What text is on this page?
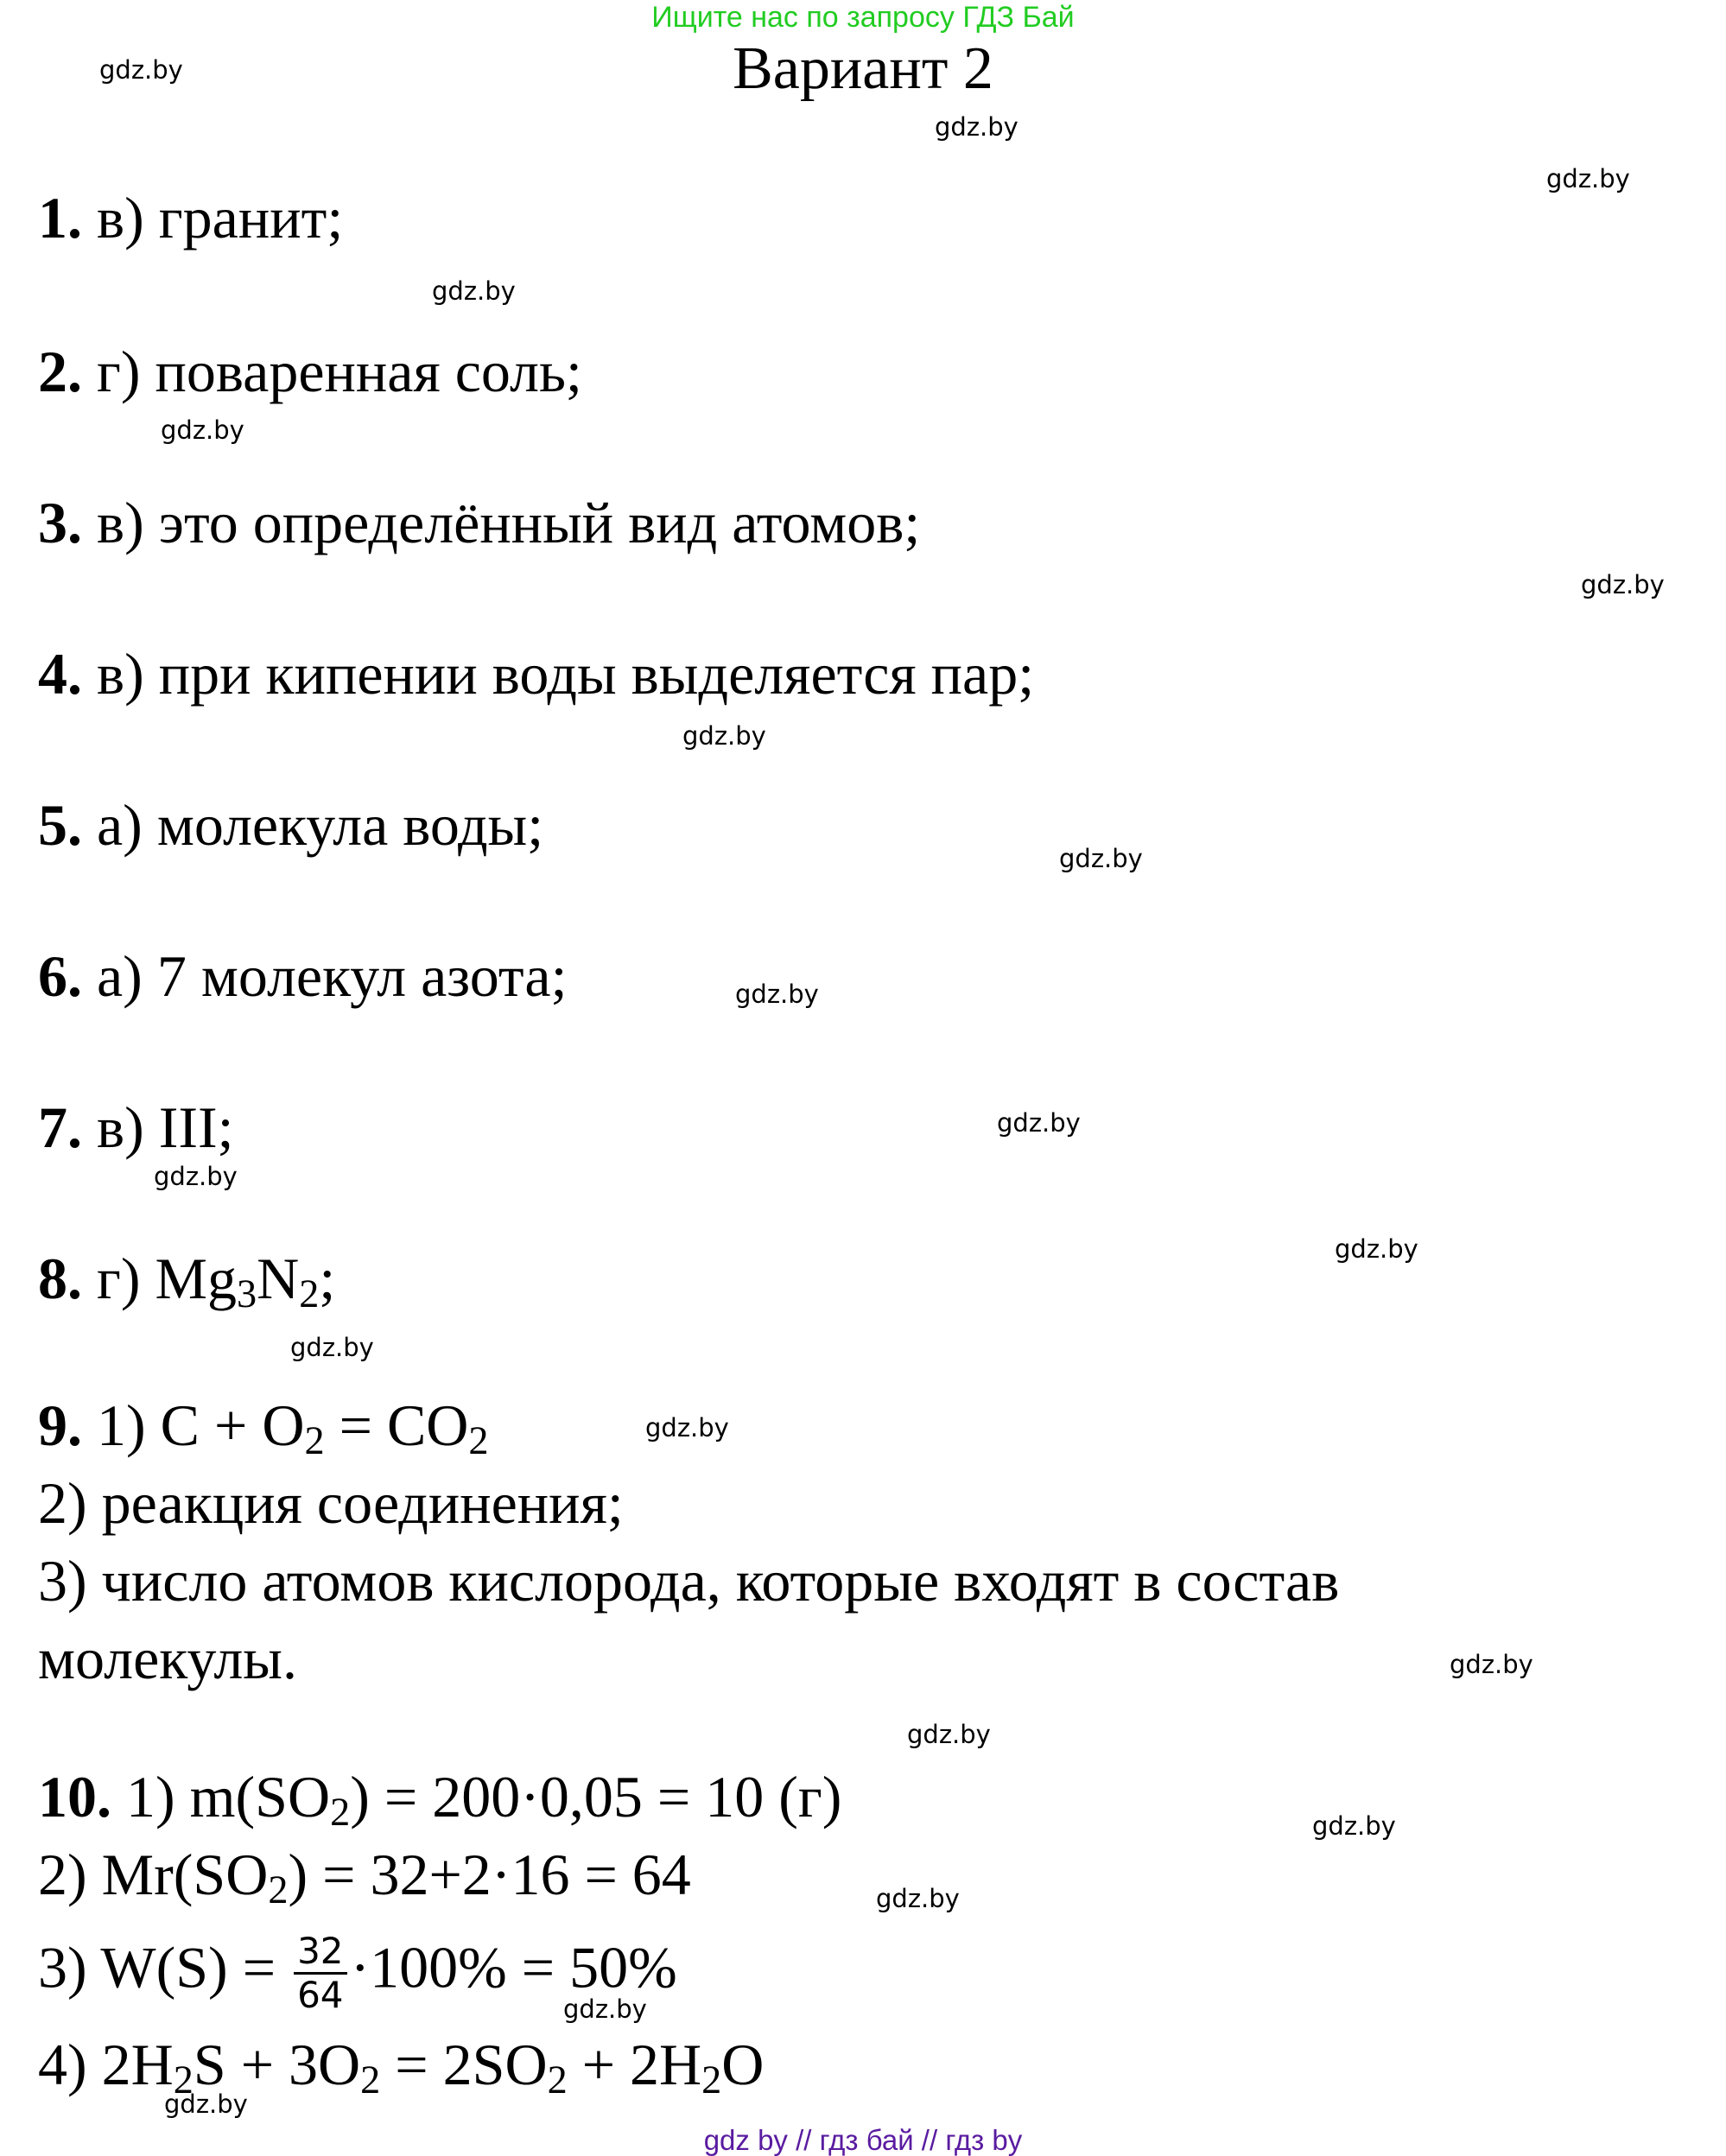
Ищите нас по запросу ГДЗ Бай
Вариант 2
1. в) гранит;
2. г) поваренная соль;
3. в) это определённый вид атомов;
4. в) при кипении воды выделяется пар;
5. а) молекула воды;
6. а) 7 молекул азота;
7. в) III;
8. г) $Mg_3N_2$;
9. 1) $C + O_2 = CO_2$
2) реакция соединения;
3) число атомов кислорода, которые входят в состав
молекулы.
10. 1) $m(SO_2) = 200\cdot 0,05 = 10$ (г)
2) $Mr(SO_2) = 32+2\cdot 16 = 64$
3) $W(S) = \frac{32}{64} \cdot 100\% = 50\%$
4) $2H_2S + 3O_2 = 2SO_2 + 2H_2O$
gdz.by
gdz.by
gdz.by
gdz.by
gdz.by
gdz.by
gdz.by
gdz.by
gdz.by
gdz.by
gdz.by
gdz.by
gdz.by
gdz.by
gdz.by
gdz.by
gdz.by
gdz.by
gdz.by
gdz.by
gdz by // гдз бай // гдз by
